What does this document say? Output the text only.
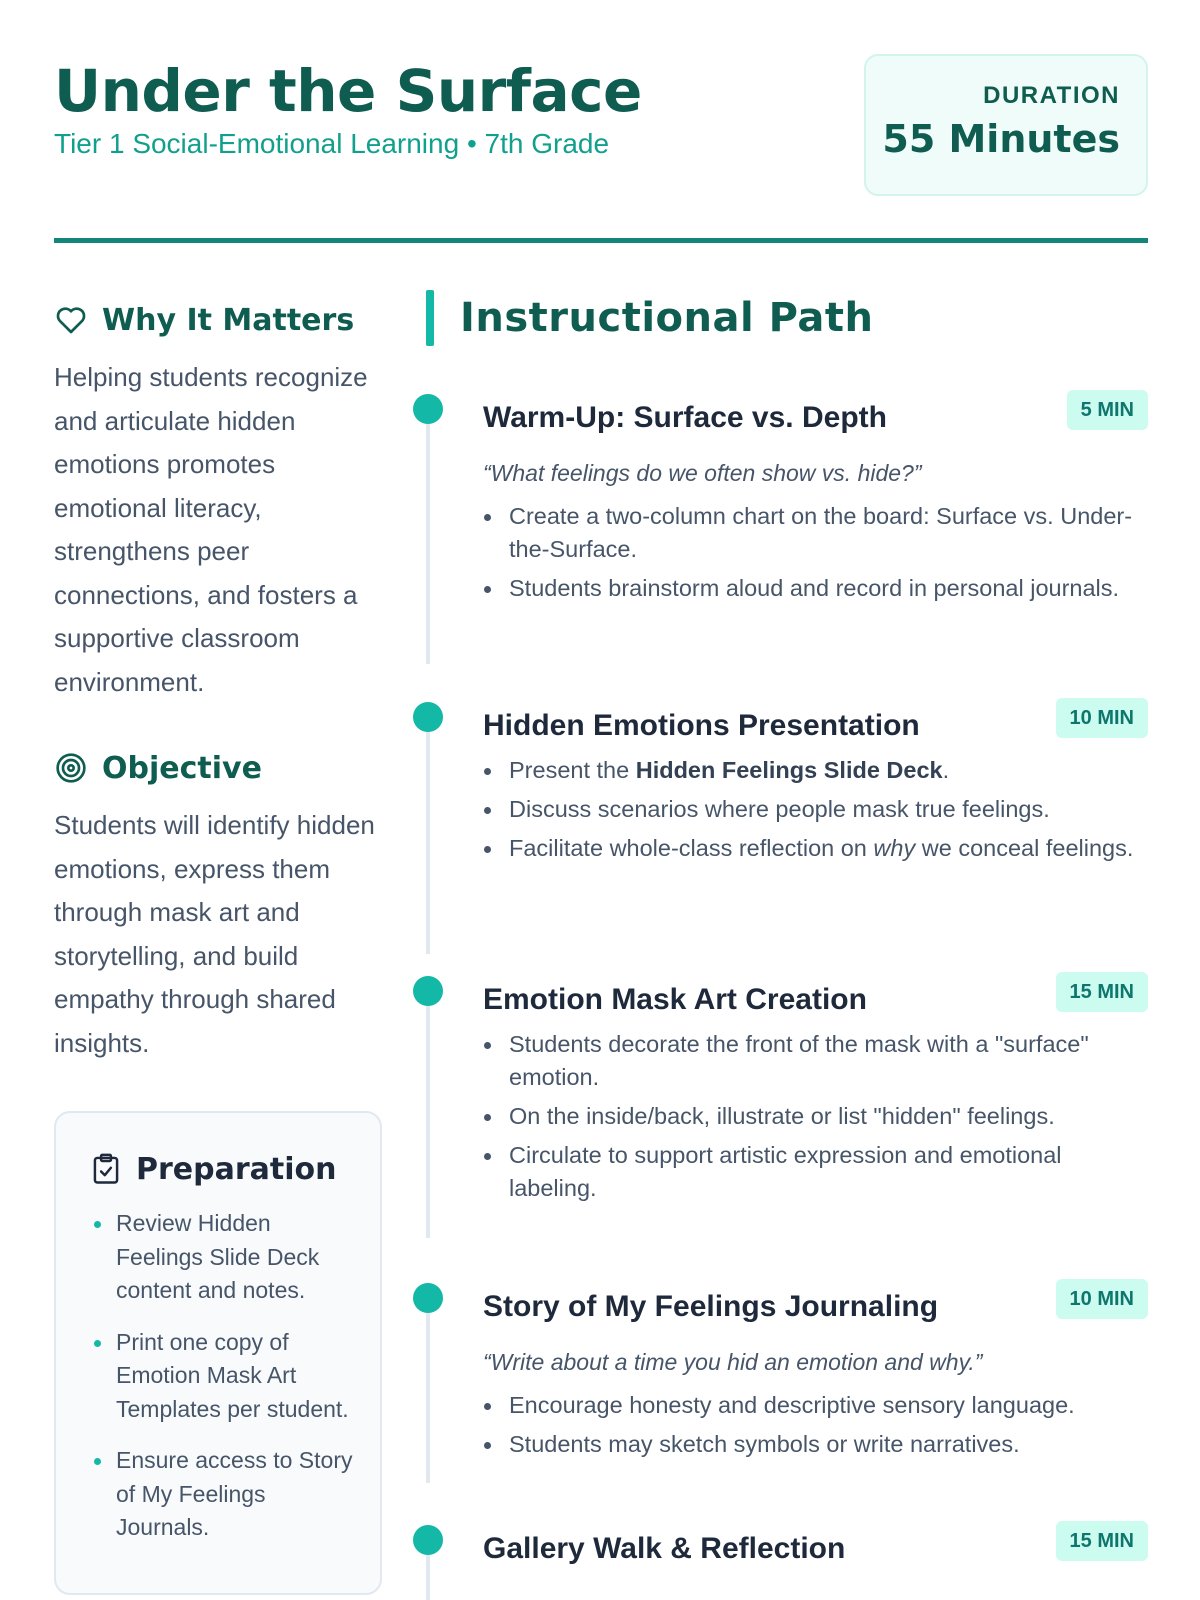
Under the Surface
Tier 1 Social-Emotional Learning • 7th Grade
DURATION
55 Minutes
Why It Matters

Helping students recognize and articulate hidden emotions promotes emotional literacy, strengthens peer connections, and fosters a supportive classroom environment.

Objective

Students will identify hidden emotions, express them through mask art and storytelling, and build empathy through shared insights.

Preparation
Review Hidden Feelings Slide Deck content and notes.
Print one copy of Emotion Mask Art Templates per student.
Ensure access to Story of My Feelings Journals.
Instructional Path
Warm-Up: Surface vs. Depth	5 MIN
“What feelings do we often show vs. hide?”
Create a two-column chart on the board: Surface vs. Under-the-Surface.
Students brainstorm aloud and record in personal journals.
Hidden Emotions Presentation	10 MIN
Present the Hidden Feelings Slide Deck.
Discuss scenarios where people mask true feelings.
Facilitate whole-class reflection on why we conceal feelings.
Emotion Mask Art Creation	15 MIN
Students decorate the front of the mask with a "surface" emotion.
On the inside/back, illustrate or list "hidden" feelings.
Circulate to support artistic expression and emotional labeling.
Story of My Feelings Journaling	10 MIN
“Write about a time you hid an emotion and why.”
Encourage honesty and descriptive sensory language.
Students may sketch symbols or write narratives.
Gallery Walk & Reflection	15 MIN
